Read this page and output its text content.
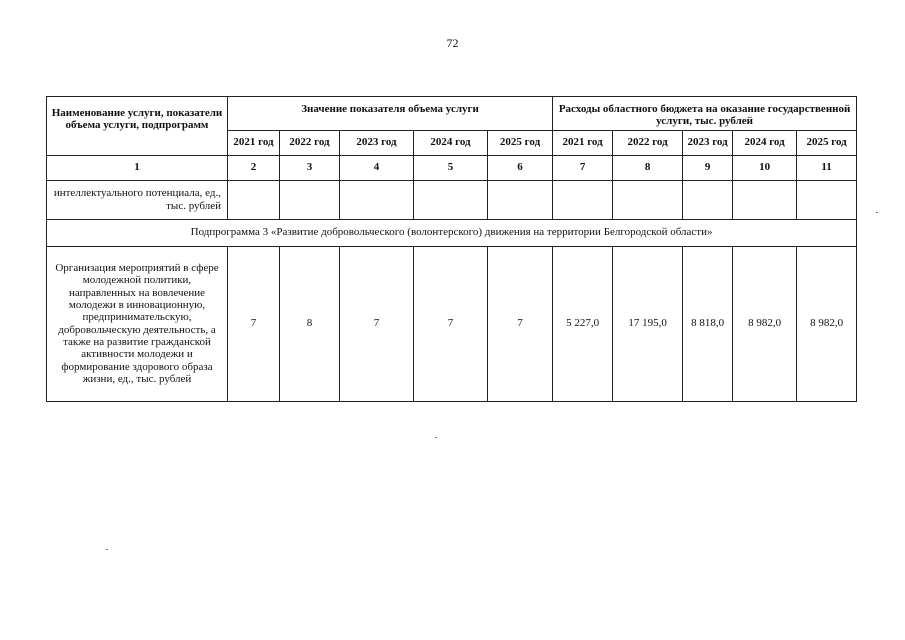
72
Наименование услуги, показатели объема услуги, подпрограмм	Значение показателя объема услуги					Расходы областного бюджета на оказание государственной услуги, тыс. рублей				
	2021 год	2022 год	2023 год	2024 год	2025 год	2021 год	2022 год	2023 год	2024 год	2025 год
1	2	3	4	5	6	7	8	9	10	11
интеллектуального потенциала, ед., тыс. рублей										
Подпрограмма 3 «Развитие добровольческого (волонтерского) движения на территории Белгородской области»										
Организация мероприятий в сфере молодежной политики, направленных на вовлечение молодежи в инновационную, предпринимательскую, добровольческую деятельность, а также на развитие гражданской активности молодежи и формирование здорового образа жизни, ед., тыс. рублей	7	8	7	7	7	5 227,0	17 195,0	8 818,0	8 982,0	8 982,0
